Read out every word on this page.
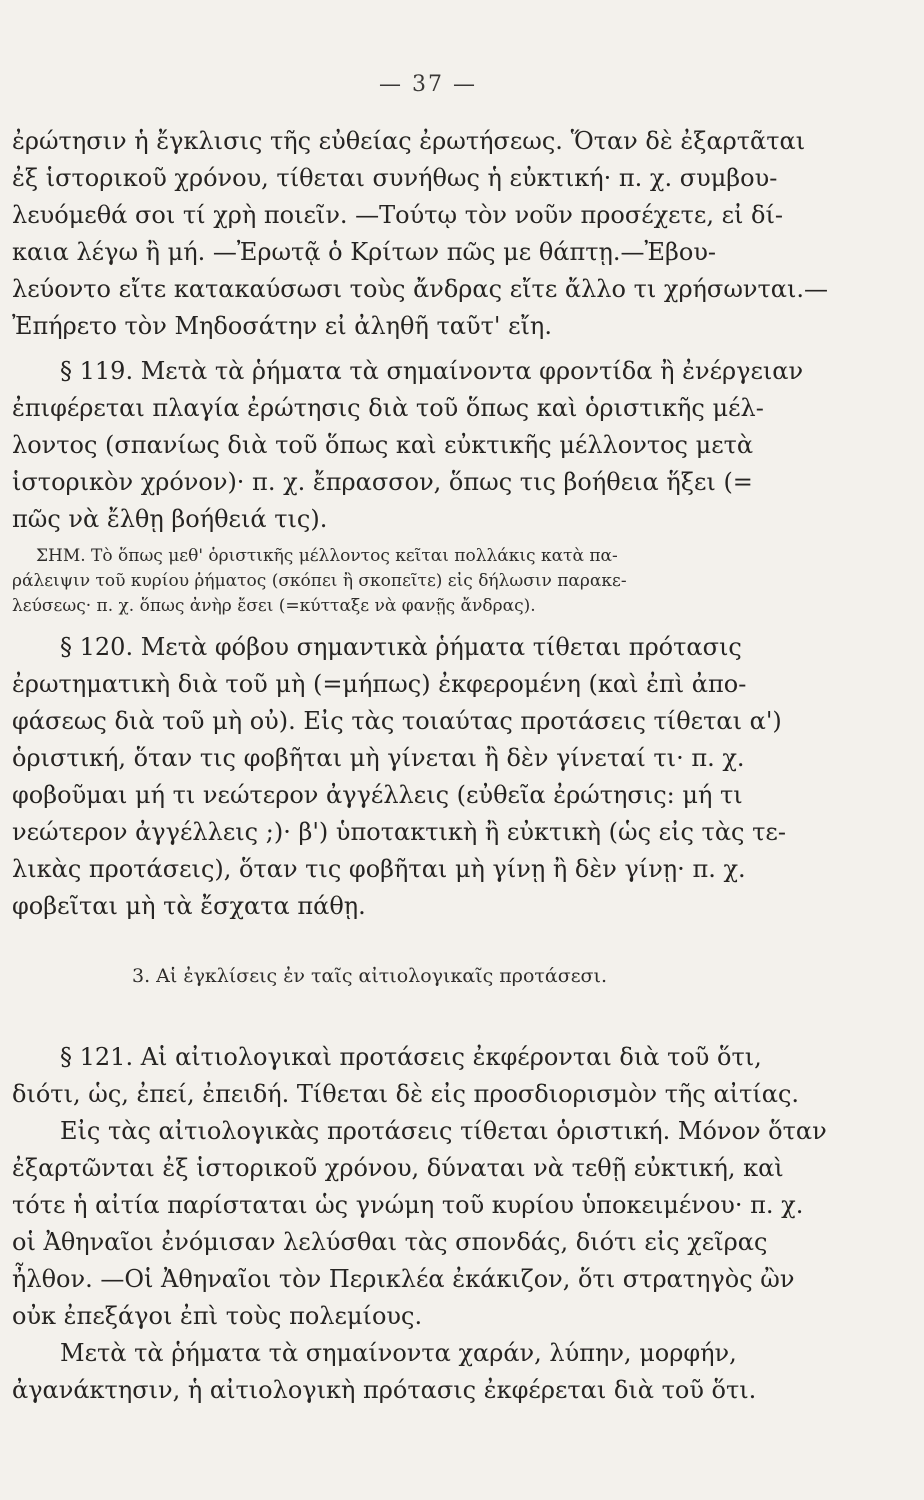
— 37 —

ἐρώτησιν ἡ ἔγκλισις τῆς εὐθείας ἐρωτήσεως. Ὅταν δὲ ἐξαρτᾶται
ἐξ ἱστορικοῦ χρόνου, τίθεται συνήθως ἡ εὐκτική· π. χ. συμβου-
λευόμεθά σοι τί χρὴ ποιεῖν. —Τούτῳ τὸν νοῦν προσέχετε, εἰ δί-
καια λέγω ἢ μή. —Ἐρωτᾷ ὁ Κρίτων πῶς με θάπτῃ.—Ἐβου-
λεύοντο εἴτε κατακαύσωσι τοὺς ἄνδρας εἴτε ἄλλο τι χρήσωνται.—
Ἐπήρετο τὸν Μηδοσάτην εἰ ἀληθῆ ταῦτ' εἴη.

§ 119. Μετὰ τὰ ῥήματα τὰ σημαίνοντα φροντίδα ἢ ἐνέργειαν
ἐπιφέρεται πλαγία ἐρώτησις διὰ τοῦ ὅπως καὶ ὁριστικῆς μέλ-
λοντος (σπανίως διὰ τοῦ ὅπως καὶ εὐκτικῆς μέλλοντος μετὰ
ἱστορικὸν χρόνον)· π. χ. ἔπρασσον, ὅπως τις βοήθεια ἥξει (=
πῶς νὰ ἔλθῃ βοήθειά τις).

ΣΗΜ. Τὸ ὅπως μεθ' ὁριστικῆς μέλλοντος κεῖται πολλάκις κατὰ πα-
ράλειψιν τοῦ κυρίου ῥήματος (σκόπει ἢ σκοπεῖτε) εἰς δήλωσιν παρακε-
λεύσεως· π. χ. ὅπως ἀνὴρ ἔσει (=κύτταξε νὰ φανῇς ἄνδρας).

§ 120. Μετὰ φόβου σημαντικὰ ῥήματα τίθεται πρότασις
ἐρωτηματικὴ διὰ τοῦ μὴ (=μήπως) ἐκφερομένη (καὶ ἐπὶ ἀπο-
φάσεως διὰ τοῦ μὴ οὐ). Εἰς τὰς τοιαύτας προτάσεις τίθεται α')
ὁριστική, ὅταν τις φοβῆται μὴ γίνεται ἢ δὲν γίνεταί τι· π. χ.
φοβοῦμαι μή τι νεώτερον ἀγγέλλεις (εὐθεῖα ἐρώτησις: μή τι
νεώτερον ἀγγέλλεις ;)· β') ὑποτακτικὴ ἢ εὐκτικὴ (ὡς εἰς τὰς τε-
λικὰς προτάσεις), ὅταν τις φοβῆται μὴ γίνῃ ἢ δὲν γίνῃ· π. χ.
φοβεῖται μὴ τὰ ἔσχατα πάθῃ.

3. Αἱ ἐγκλίσεις ἐν ταῖς αἰτιολογικαῖς προτάσεσι.

§ 121. Αἱ αἰτιολογικαὶ προτάσεις ἐκφέρονται διὰ τοῦ ὅτι,
διότι, ὡς, ἐπεί, ἐπειδή. Τίθεται δὲ εἰς προσδιορισμὸν τῆς αἰτίας.

Εἰς τὰς αἰτιολογικὰς προτάσεις τίθεται ὁριστική. Μόνον ὅταν
ἐξαρτῶνται ἐξ ἱστορικοῦ χρόνου, δύναται νὰ τεθῇ εὐκτική, καὶ
τότε ἡ αἰτία παρίσταται ὡς γνώμη τοῦ κυρίου ὑποκειμένου· π. χ.
οἱ Ἀθηναῖοι ἐνόμισαν λελύσθαι τὰς σπονδάς, διότι εἰς χεῖρας
ἦλθον. —Οἱ Ἀθηναῖοι τὸν Περικλέα ἐκάκιζον, ὅτι στρατηγὸς ὢν
οὐκ ἐπεξάγοι ἐπὶ τοὺς πολεμίους.

Μετὰ τὰ ῥήματα τὰ σημαίνοντα χαράν, λύπην, μορφήν,
ἀγανάκτησιν, ἡ αἰτιολογικὴ πρότασις ἐκφέρεται διὰ τοῦ ὅτι.
